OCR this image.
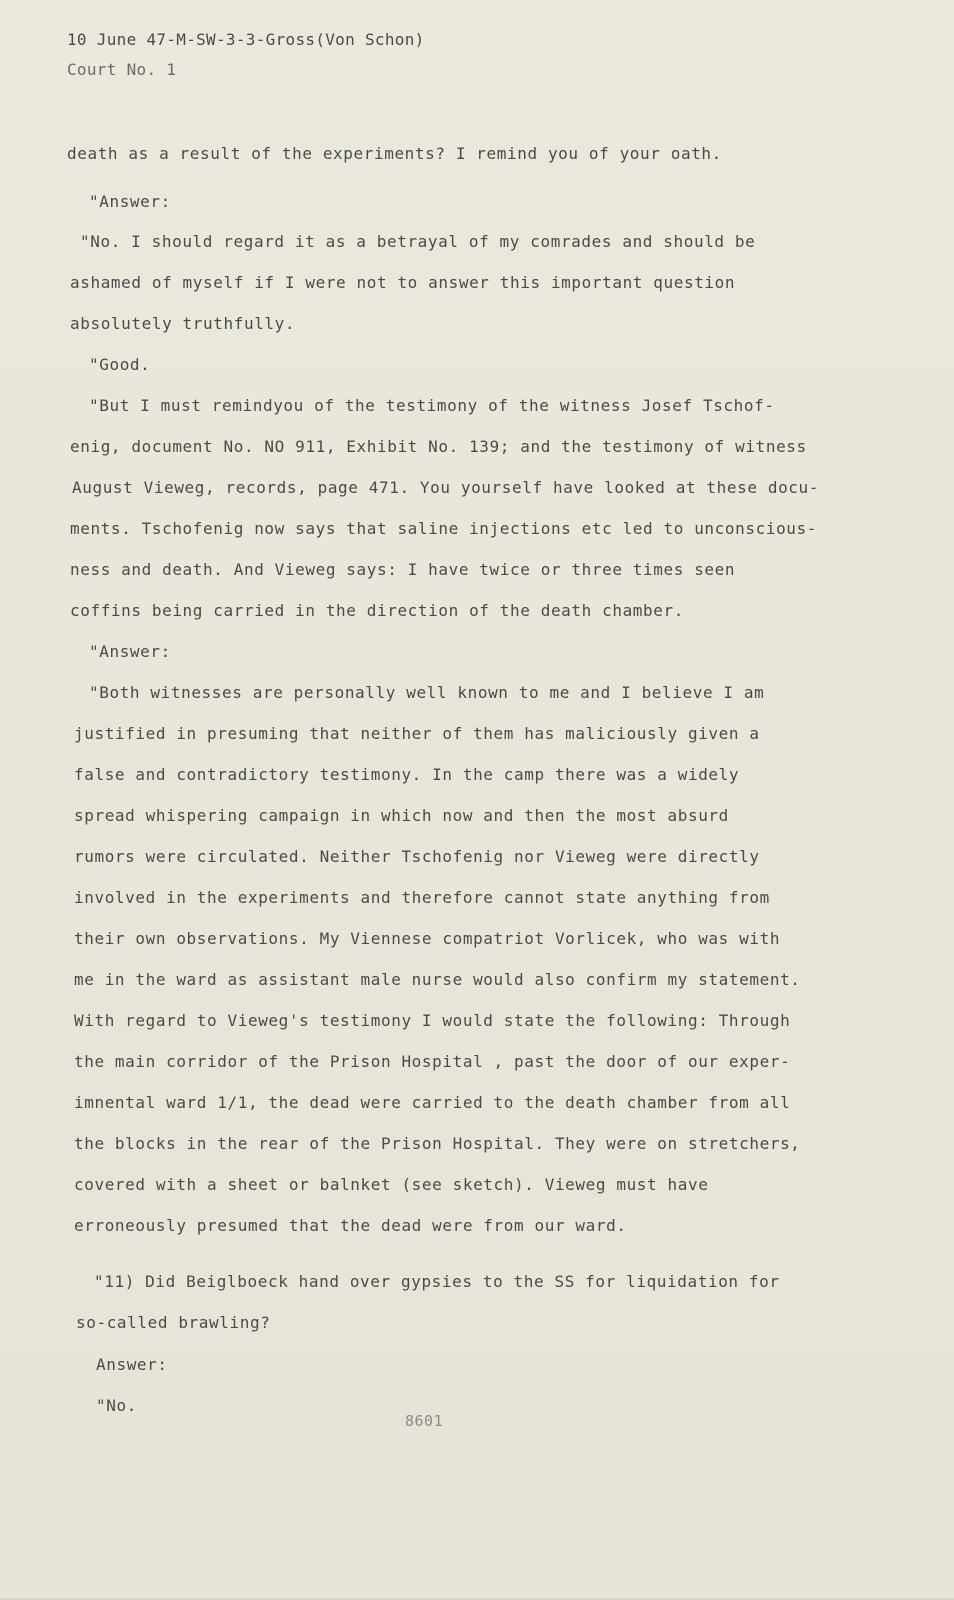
10 June 47-M-SW-3-3-Gross(Von Schon)
Court No. 1
death as a result of the experiments? I remind you of your oath.
"Answer:
"No. I should regard it as a betrayal of my comrades and should be
ashamed of myself if I were not to answer this important question
absolutely truthfully.
"Good.
"But I must remindyou of the testimony of the witness Josef Tschof-
enig, document No. NO 911, Exhibit No. 139; and the testimony of witness
August Vieweg, records, page 471. You yourself have looked at these docu-
ments. Tschofenig now says that saline injections etc led to unconscious-
ness and death. And Vieweg says: I have twice or three times seen
coffins being carried in the direction of the death chamber.
"Answer:
"Both witnesses are personally well known to me and I believe I am
justified in presuming that neither of them has maliciously given a
false and contradictory testimony. In the camp there was a widely
spread whispering campaign in which now and then the most absurd
rumors were circulated. Neither Tschofenig nor Vieweg were directly
involved in the experiments and therefore cannot state anything from
their own observations. My Viennese compatriot Vorlicek, who was with
me in the ward as assistant male nurse would also confirm my statement.
With regard to Vieweg's testimony I would state the following: Through
the main corridor of the Prison Hospital , past the door of our exper-
imnental ward 1/1, the dead were carried to the death chamber from all
the blocks in the rear of the Prison Hospital. They were on stretchers,
covered with a sheet or balnket (see sketch). Vieweg must have
erroneously presumed that the dead were from our ward.
"11) Did Beiglboeck hand over gypsies to the SS for liquidation for
so-called brawling?
Answer:
"No.
8601
